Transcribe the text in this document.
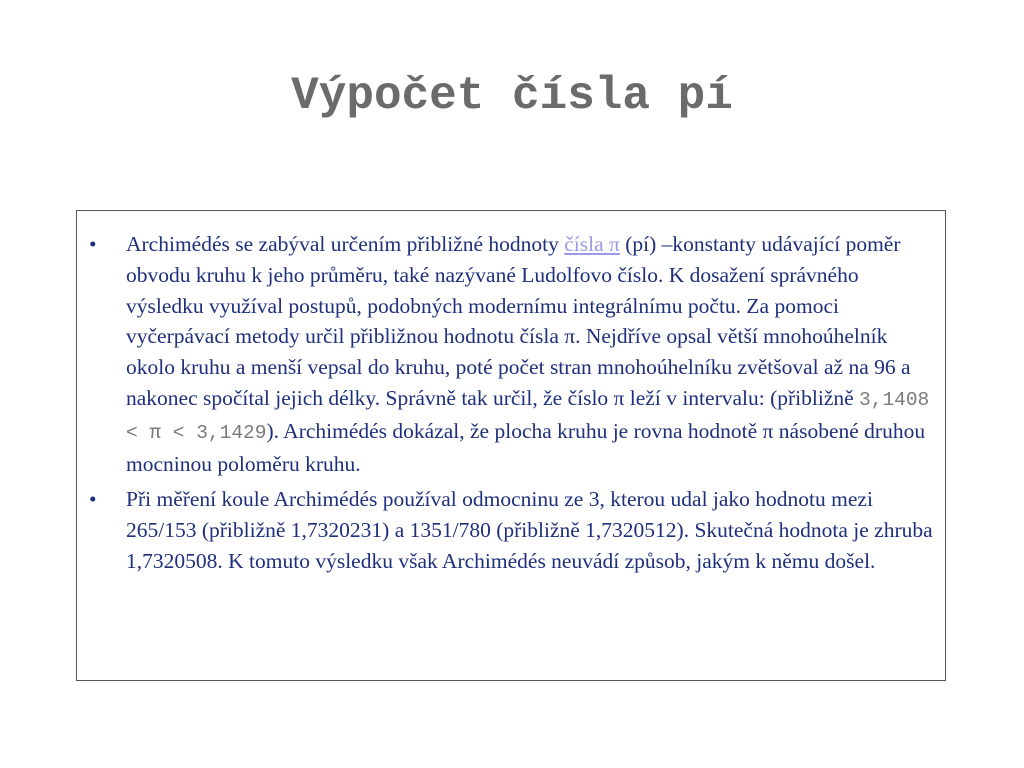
Výpočet čísla pí
• Archimédés se zabýval určením přibližné hodnoty čísla π (pí) –konstanty udávající poměr obvodu kruhu k jeho průměru, také nazývané Ludolfovo číslo. K dosažení správného výsledku využíval postupů, podobných modernímu integrálnímu počtu. Za pomoci vyčerpávací metody určil přibližnou hodnotu čísla π. Nejdříve opsal větší mnohoúhelník okolo kruhu a menší vepsal do kruhu, poté počet stran mnohoúhelníku zvětšoval až na 96 a nakonec spočítal jejich délky. Správně tak určil, že číslo π leží v intervalu: (přibližně 3,1408 < π < 3,1429). Archimédés dokázal, že plocha kruhu je rovna hodnotě π násobené druhou mocninou poloměru kruhu.
• Při měření koule Archimédés používal odmocninu ze 3, kterou udal jako hodnotu mezi 265/153 (přibližně 1,7320231) a 1351/780 (přibližně 1,7320512). Skutečná hodnota je zhruba 1,7320508. K tomuto výsledku však Archimédés neuvádí způsob, jakým k němu došel.
